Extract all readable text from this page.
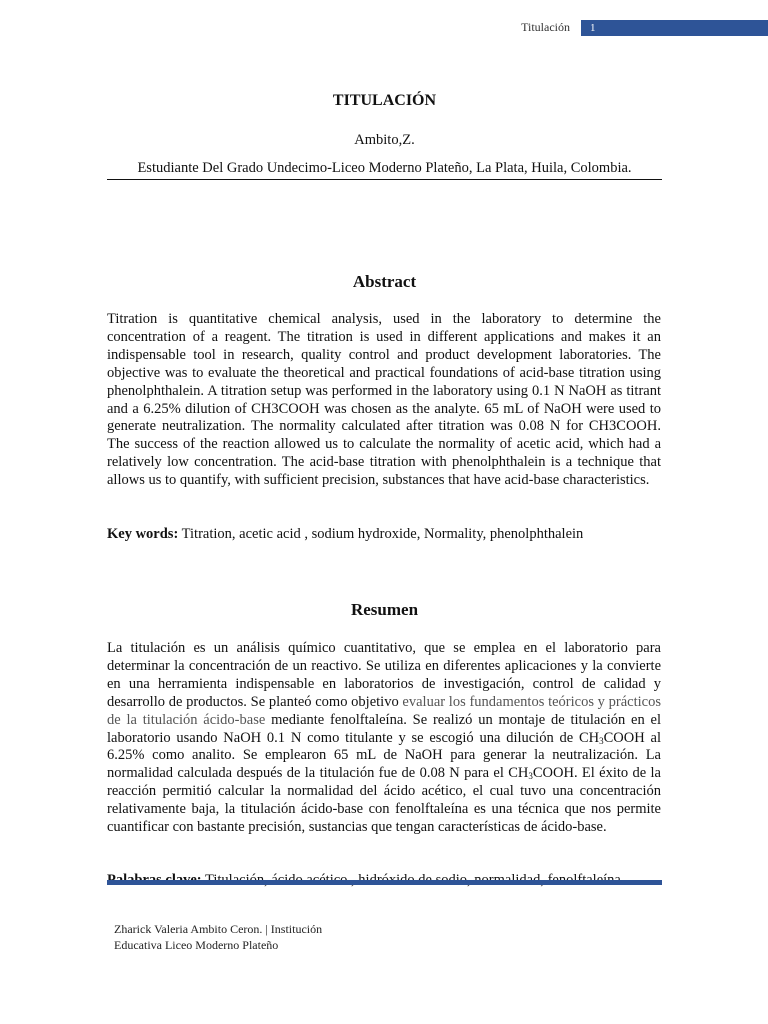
Titulación	1
TITULACIÓN
Ambito,Z.
Estudiante Del Grado Undecimo-Liceo Moderno Plateño, La Plata, Huila, Colombia.
Abstract

Titration is quantitative chemical analysis, used in the laboratory to determine the concentration of a reagent. The titration is used in different applications and makes it an indispensable tool in research, quality control and product development laboratories. The objective was to evaluate the theoretical and practical foundations of acid-base titration using phenolphthalein. A titration setup was performed in the laboratory using 0.1 N NaOH as titrant and a 6.25% dilution of CH3COOH was chosen as the analyte. 65 mL of NaOH were used to generate neutralization. The normality calculated after titration was 0.08 N for CH3COOH. The success of the reaction allowed us to calculate the normality of acetic acid, which had a relatively low concentration. The acid-base titration with phenolphthalein is a technique that allows us to quantify, with sufficient precision, substances that have acid-base characteristics.

Key words: Titration, acetic acid , sodium hydroxide, Normality, phenolphthalein

Resumen

La titulación es un análisis químico cuantitativo, que se emplea en el laboratorio para determinar la concentración de un reactivo. Se utiliza en diferentes aplicaciones y la convierte en una herramienta indispensable en laboratorios de investigación, control de calidad y desarrollo de productos. Se planteó como objetivo evaluar los fundamentos teóricos y prácticos de la titulación ácido-base mediante fenolftaleína. Se realizó un montaje de titulación en el laboratorio usando NaOH 0.1 N como titulante y se escogió una dilución de $CH_3COOH$ al 6.25% como analito. Se emplearon 65 mL de NaOH para generar la neutralización. La normalidad calculada después de la titulación fue de 0.08 N para el $CH_3COOH$. El éxito de la reacción permitió calcular la normalidad del ácido acético, el cual tuvo una concentración relativamente baja, la titulación ácido-base con fenolftaleína es una técnica que nos permite cuantificar con bastante precisión, sustancias que tengan características de ácido-base.

Zharick Valeria Ambito Ceron. | Institución
Educativa Liceo Moderno Plateño
